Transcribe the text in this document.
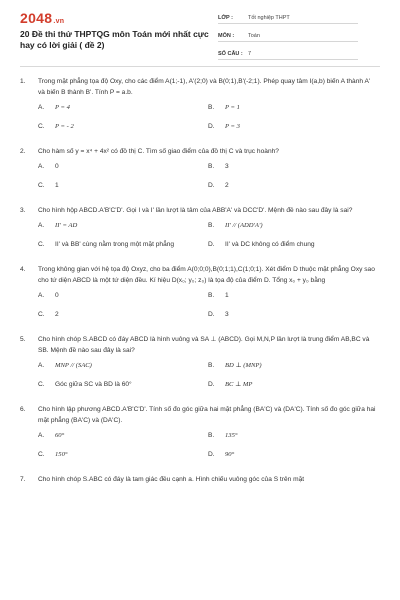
2048.vn
20 Đề thi thử THPTQG môn Toán mới nhất cực hay có lời giải ( đề 2)
LỚP :	Tốt nghiệp THPT
MÔN :	Toán
SỐ CÂU : 7
1.	Trong mặt phẳng tọa độ Oxy, cho các điểm A(1;-1), A'(2;0) và B(0;1),B'(-2;1). Phép quay tâm I(a,b) biến A thành A' và biến B thành B'. Tính P = a.b.
A.	P = 4	B.	P = 1
C.	P = - 2	D.	P = 3
2.	Cho hàm số y = x⁴ + 4x² có đồ thị C. Tìm số giao điểm của đồ thị C và trục hoành?
A.	0	B.	3
C.	1	D.	2
3.	Cho hình hộp ABCD.A'B'C'D'. Gọi I và I' lần lượt là tâm của ABB'A' và DCC'D'. Mệnh đề nào sau đây là sai?
A.	II' = AD	B.	II' // (ADD'A')
C.	II' và BB' cùng nằm trong một mặt phẳng	D.	II' và DC không có điểm chung
4.	Trong không gian với hệ tọa độ Oxyz, cho ba điểm A(0;0;0),B(0;1;1),C(1;0;1). Xét điểm D thuộc mặt phẳng Oxy sao cho tứ diện ABCD là một tứ diện đều. Kí hiệu D(x₀; y₀; z₀) là tọa độ của điểm D. Tổng x₀ + y₀ bằng
A.	0	B.	1
C.	2	D.	3
5.	Cho hình chóp S.ABCD có đáy ABCD là hình vuông và SA ⊥ (ABCD). Gọi M,N,P lần lượt là trung điểm AB,BC và SB. Mệnh đề nào sau đây là sai?
A.	MNP // (SAC)	B.	BD ⊥ (MNP)
C.	Góc giữa SC và BD là 60°	D.	BC ⊥ MP
6.	Cho hình lập phương ABCD.A'B'C'D'. Tính số đo góc giữa hai mặt phẳng (BA'C) và (DA'C). Tính số đo góc giữa hai mặt phẳng (BA'C) và (DA'C).
A.	60°	B.	135°
C.	150°	D.	90°
7.	Cho hình chóp S.ABC có đáy là tam giác đều cạnh a. Hình chiếu vuông góc của S trên mặt
